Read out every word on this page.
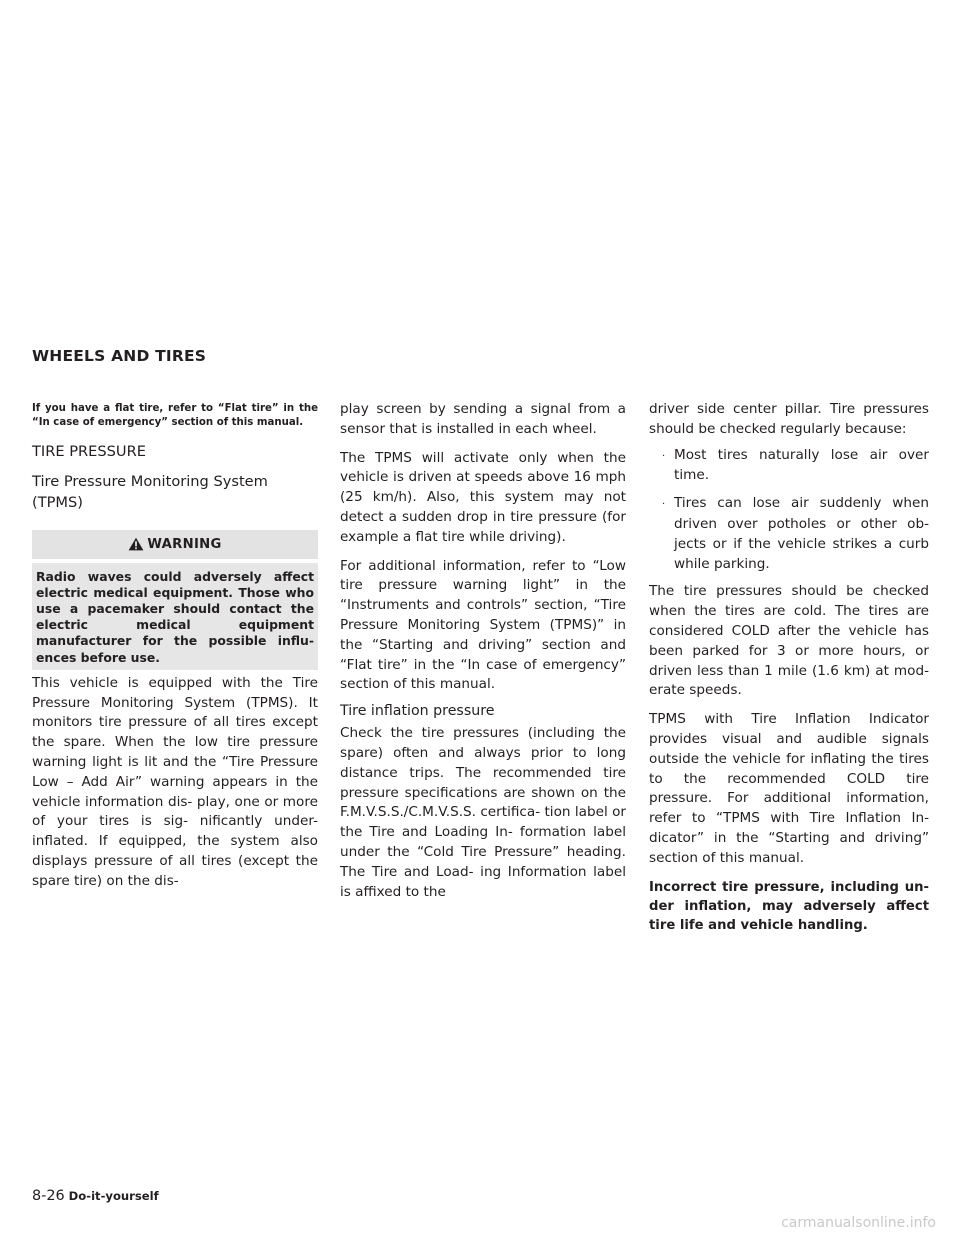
WHEELS AND TIRES

If you have a flat tire, refer to “Flat tire” in the “In case of emergency” section of this manual.

TIRE PRESSURE
Tire Pressure Monitoring System (TPMS)
WARNING
Radio waves could adversely affect electric medical equipment. Those who use a pacemaker should contact the electric medical equipment manufacturer for the possible influ- ences before use.

This vehicle is equipped with the Tire Pressure Monitoring System (TPMS). It monitors tire pressure of all tires except the spare. When the low tire pressure warning light is lit and the “Tire Pressure Low – Add Air” warning appears in the vehicle information dis- play, one or more of your tires is sig- nificantly under-inflated. If equipped, the system also displays pressure of all tires (except the spare tire) on the dis-

play screen by sending a signal from a sensor that is installed in each wheel.

The TPMS will activate only when the vehicle is driven at speeds above 16 mph (25 km/h). Also, this system may not detect a sudden drop in tire pressure (for example a flat tire while driving).

For additional information, refer to “Low tire pressure warning light” in the “Instruments and controls” section, “Tire Pressure Monitoring System (TPMS)” in the “Starting and driving” section and “Flat tire” in the “In case of emergency” section of this manual.

Tire inflation pressure

Check the tire pressures (including the spare) often and always prior to long distance trips. The recommended tire pressure specifications are shown on the F.M.V.S.S./C.M.V.S.S. certifica- tion label or the Tire and Loading In- formation label under the “Cold Tire Pressure” heading. The Tire and Load- ing Information label is affixed to the

driver side center pillar. Tire pressures should be checked regularly because:

· Most tires naturally lose air over time.
· Tires can lose air suddenly when driven over potholes or other ob- jects or if the vehicle strikes a curb while parking.

The tire pressures should be checked when the tires are cold. The tires are considered COLD after the vehicle has been parked for 3 or more hours, or driven less than 1 mile (1.6 km) at mod- erate speeds.

TPMS with Tire Inflation Indicator provides visual and audible signals outside the vehicle for inflating the tires to the recommended COLD tire pressure. For additional information, refer to “TPMS with Tire Inflation In- dicator” in the “Starting and driving” section of this manual.

Incorrect tire pressure, including un- der inflation, may adversely affect tire life and vehicle handling.

8-26 Do-it-yourself
carmanualsonline.info
